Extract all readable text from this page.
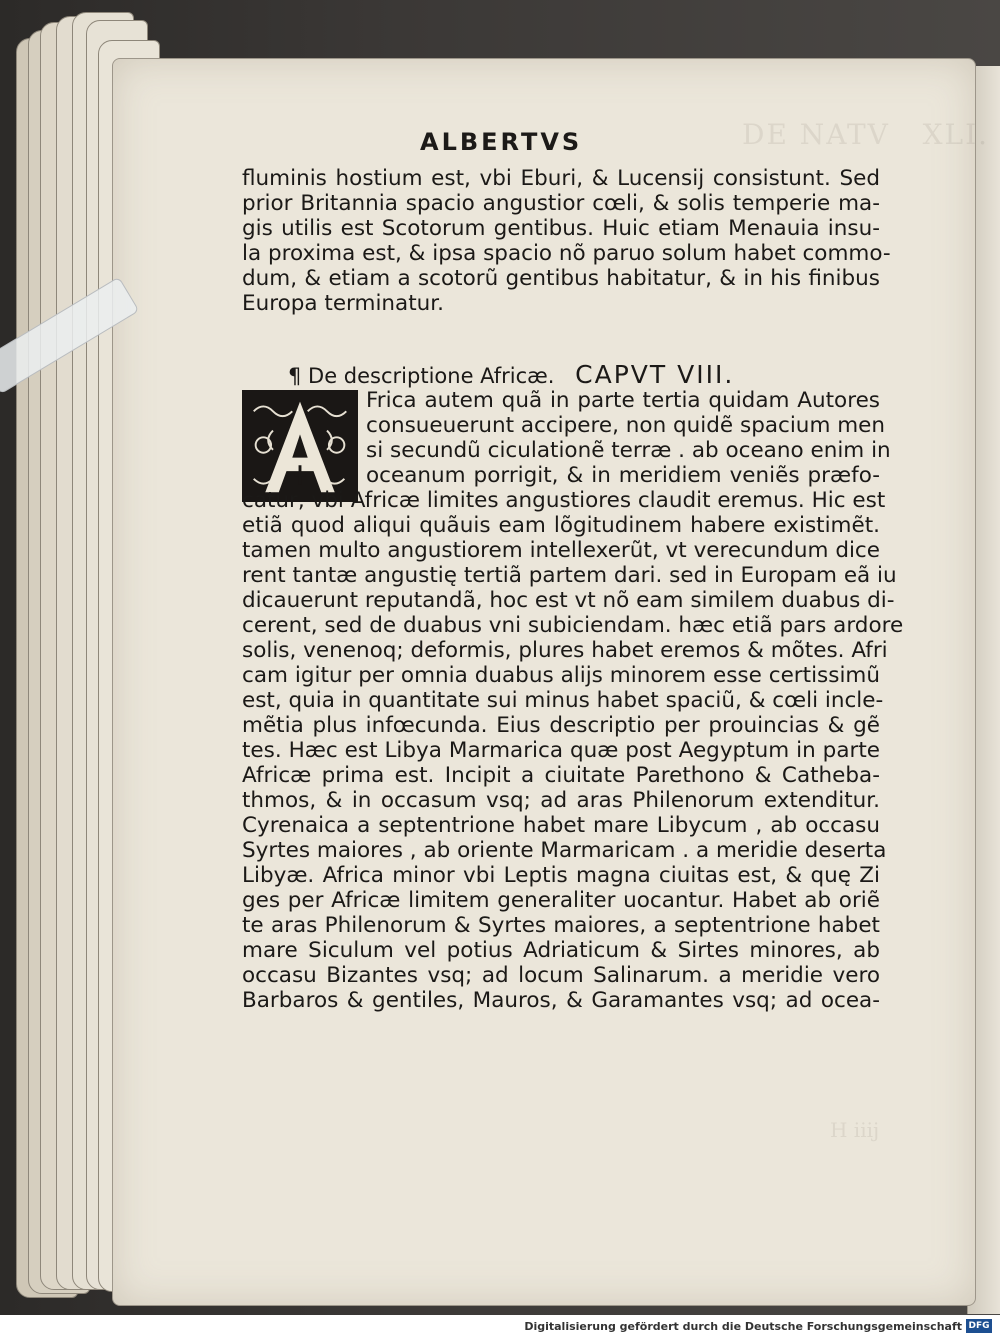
ALBERTVS
fluminis hostium est, vbi Eburi, & Lucensij consistunt. Sed
prior Britannia spacio angustior cœli, & solis temperie ma-
gis utilis est Scotorum gentibus. Huic etiam Menauia insu-
la proxima est, & ipsa spacio nõ paruo solum habet commo-
dum, & etiam a scotorũ gentibus habitatur, & in his finibus
Europa terminatur.
¶ De descriptione Africæ. CAPVT VIII.
Frica autem quã in parte tertia quidam Autores
consueuerunt accipere, non quidẽ spacium men
si secundũ ciculationẽ terræ . ab oceano enim in
oceanum porrigit, & in meridiem veniẽs præfo-
catur, vbi Africæ limites angustiores claudit eremus. Hic est
etiã quod aliqui quãuis eam lõgitudinem habere existimẽt.
tamen multo angustiorem intellexerũt, vt verecundum dice
rent tantæ angustię tertiã partem dari. sed in Europam eã iu
dicauerunt reputandã, hoc est vt nõ eam similem duabus di-
cerent, sed de duabus vni subiciendam. hæc etiã pars ardore
solis, venenoq; deformis, plures habet eremos & mõtes. Afri
cam igitur per omnia duabus alijs minorem esse certissimũ
est, quia in quantitate sui minus habet spaciũ, & cœli incle-
mẽtia plus infœcunda. Eius descriptio per prouincias & gẽ
tes. Hæc est Libya Marmarica quæ post Aegyptum in parte
Africæ prima est. Incipit a ciuitate Parethono & Catheba-
thmos, & in occasum vsq; ad aras Philenorum extenditur.
Cyrenaica a septentrione habet mare Libycum , ab occasu
Syrtes maiores , ab oriente Marmaricam . a meridie deserta
Libyæ. Africa minor vbi Leptis magna ciuitas est, & quę Zi
ges per Africæ limitem generaliter uocantur. Habet ab oriẽ
te aras Philenorum & Syrtes maiores, a septentrione habet
mare Siculum vel potius Adriaticum & Sirtes minores, ab
occasu Bizantes vsq; ad locum Salinarum. a meridie vero
Barbaros & gentiles, Mauros, & Garamantes vsq; ad ocea-
Digitalisierung gefördert durch die Deutsche Forschungsgemeinschaft DFG
